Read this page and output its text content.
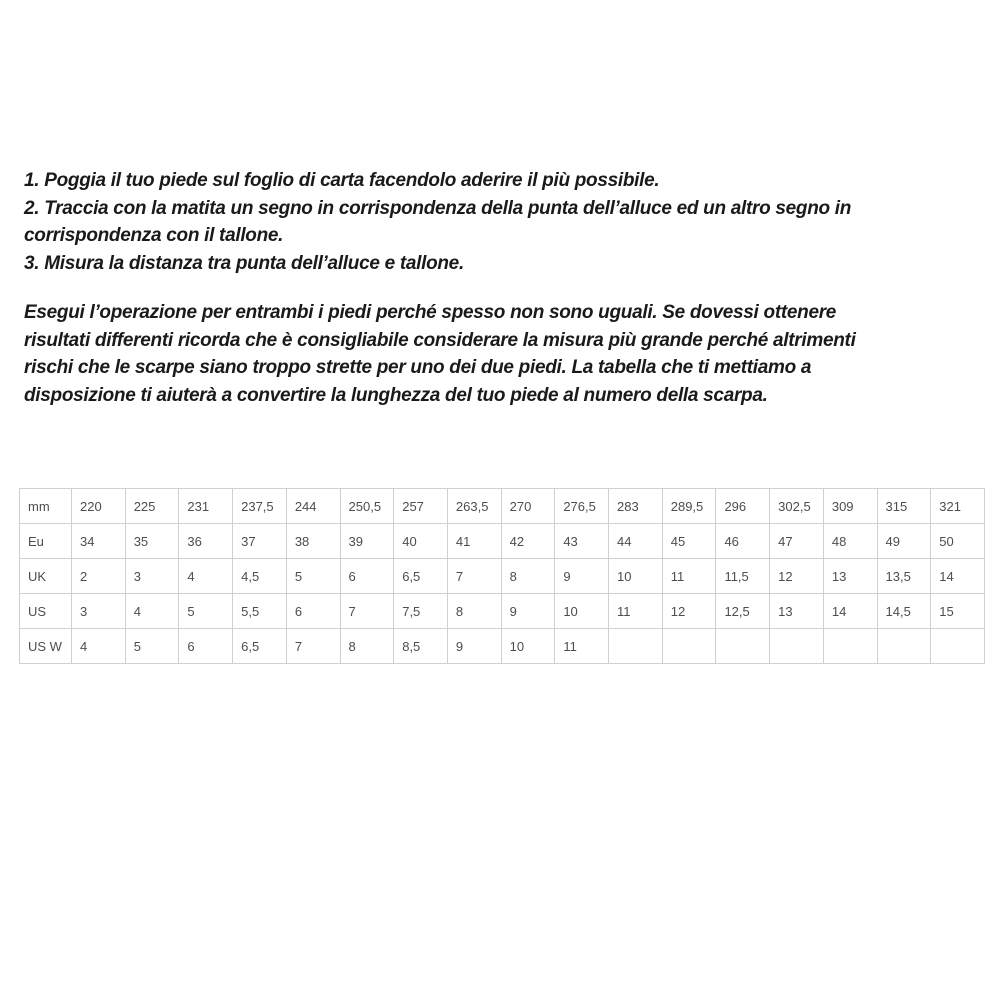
1. Poggia il tuo piede sul foglio di carta facendolo aderire il più possibile.
2. Traccia con la matita un segno in corrispondenza della punta dell’alluce ed un altro segno in
corrispondenza con il tallone.
3. Misura la distanza tra punta dell’alluce e tallone.
Esegui l’operazione per entrambi i piedi perché spesso non sono uguali. Se dovessi ottenere
risultati differenti ricorda che è consigliabile considerare la misura più grande perché altrimenti
rischi che le scarpe siano troppo strette per uno dei due piedi. La tabella che ti mettiamo a
disposizione ti aiuterà a convertire la lunghezza del tuo piede al numero della scarpa.
mm	220	225	231	237,5	244	250,5	257	263,5	270	276,5	283	289,5	296	302,5	309	315	321
Eu	34	35	36	37	38	39	40	41	42	43	44	45	46	47	48	49	50
UK	2	3	4	4,5	5	6	6,5	7	8	9	10	11	11,5	12	13	13,5	14
US	3	4	5	5,5	6	7	7,5	8	9	10	11	12	12,5	13	14	14,5	15
US W	4	5	6	6,5	7	8	8,5	9	10	11							
